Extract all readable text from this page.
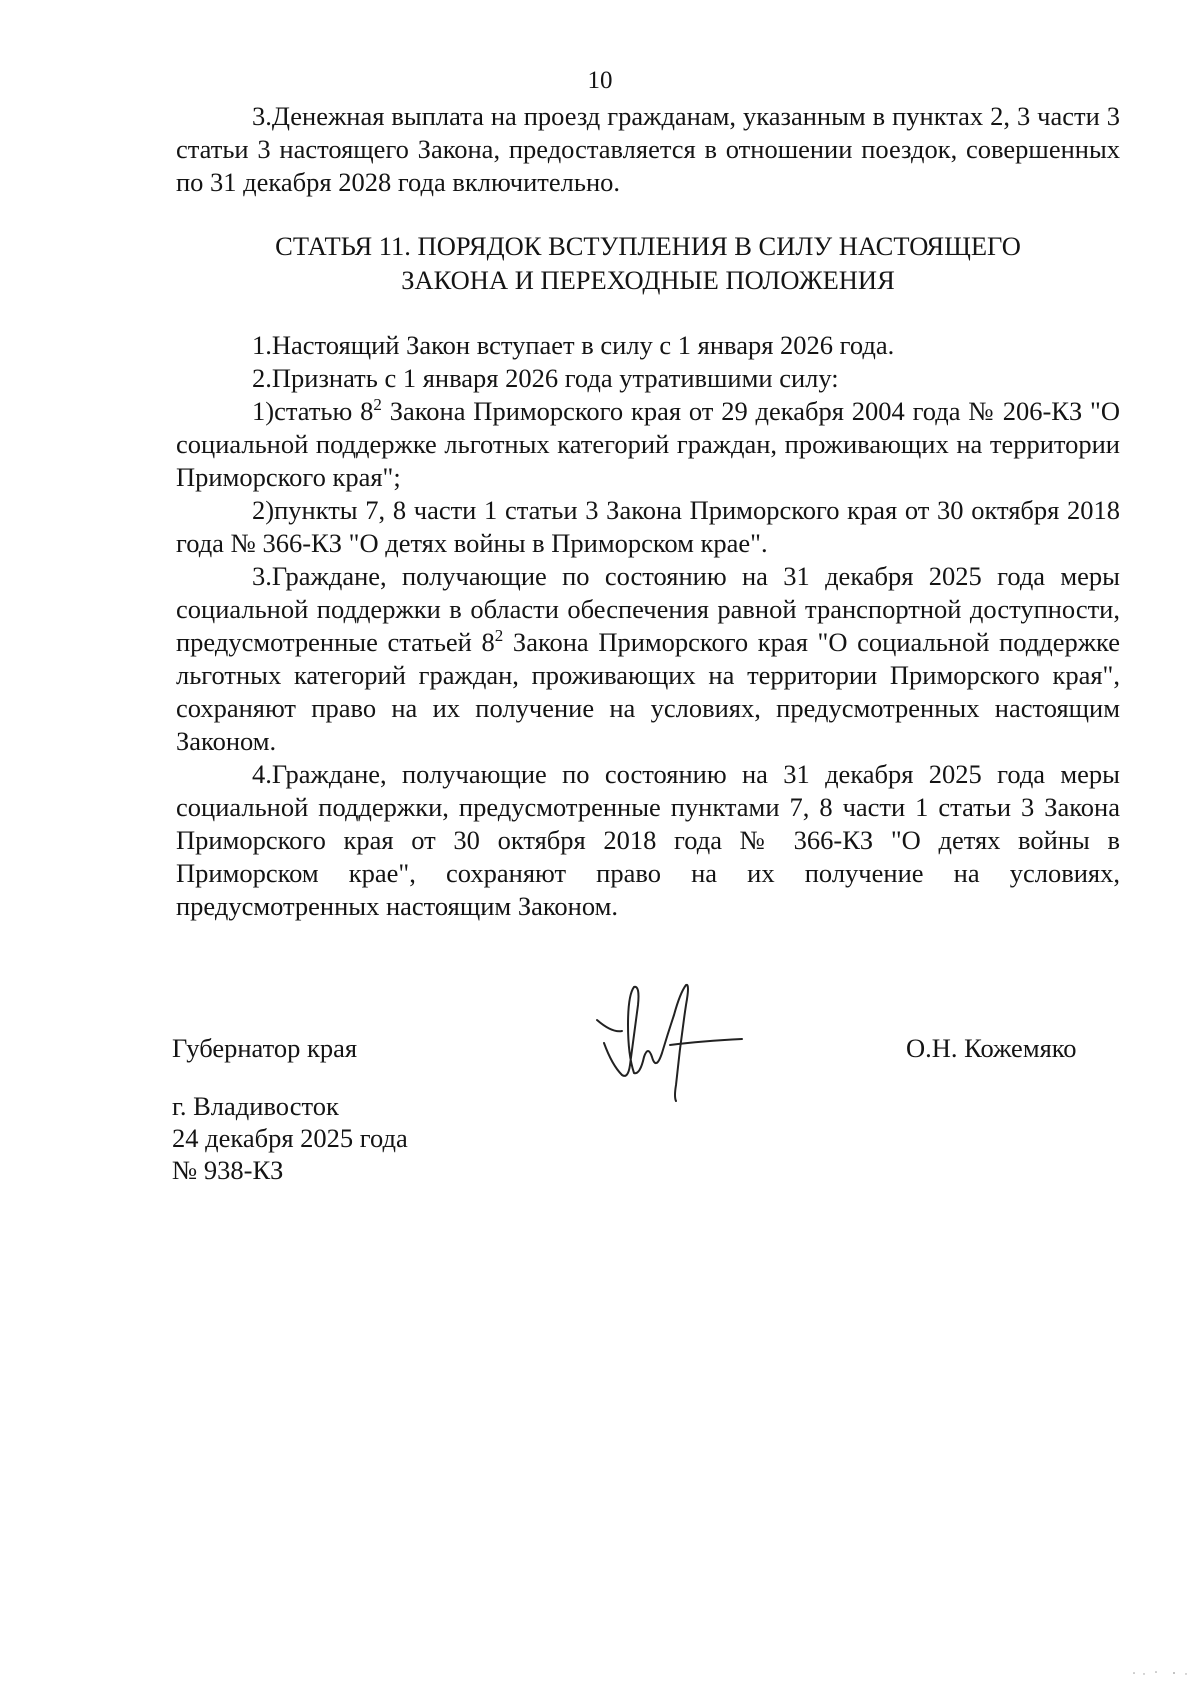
10

3.Денежная выплата на проезд гражданам, указанным в пунктах 2, 3 части 3 статьи 3 настоящего Закона, предоставляется в отношении поездок, совершенных по 31 декабря 2028 года включительно.

СТАТЬЯ 11. ПОРЯДОК ВСТУПЛЕНИЯ В СИЛУ НАСТОЯЩЕГО
ЗАКОНА И ПЕРЕХОДНЫЕ ПОЛОЖЕНИЯ

1.Настоящий Закон вступает в силу с 1 января 2026 года.

2.Признать с 1 января 2026 года утратившими силу:

1)статью $8^2$ Закона Приморского края от 29 декабря 2004 года № 206-КЗ "О социальной поддержке льготных категорий граждан, проживающих на территории Приморского края";

2)пункты 7, 8 части 1 статьи 3 Закона Приморского края от 30 октября 2018 года № 366-КЗ "О детях войны в Приморском крае".

3.Граждане, получающие по состоянию на 31 декабря 2025 года меры социальной поддержки в области обеспечения равной транспортной доступности, предусмотренные статьей $8^2$ Закона Приморского края "О социальной поддержке льготных категорий граждан, проживающих на территории Приморского края", сохраняют право на их получение на условиях, предусмотренных настоящим Законом.

4.Граждане, получающие по состоянию на 31 декабря 2025 года меры социальной поддержки, предусмотренные пунктами 7, 8 части 1 статьи 3 Закона Приморского края от 30 октября 2018 года № 366-КЗ "О детях войны в Приморском крае", сохраняют право на их получение на условиях, предусмотренных настоящим Законом.

Губернатор края	О.Н. Кожемяко
г. Владивосток
24 декабря 2025 года
№ 938-КЗ
